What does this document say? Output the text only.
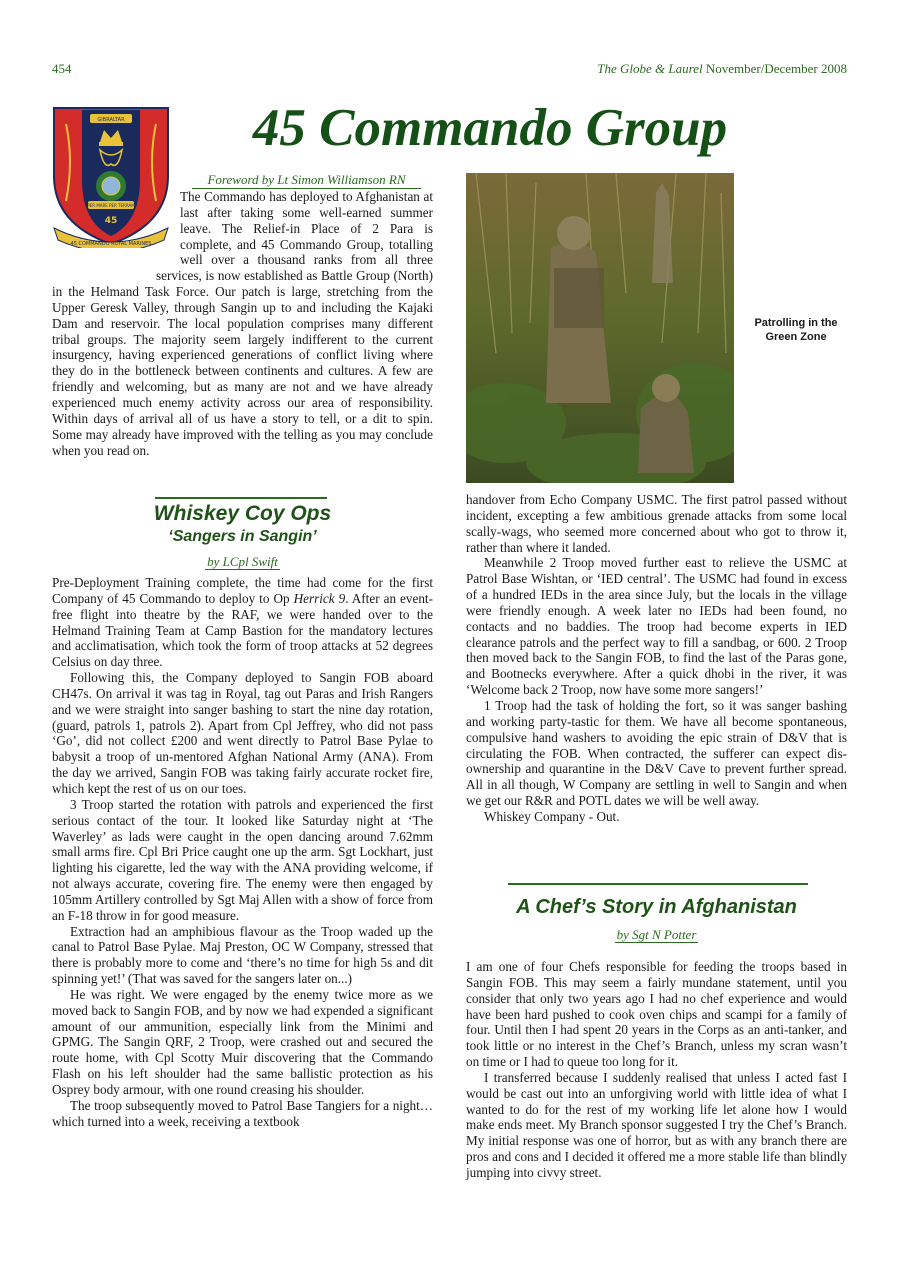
454	The Globe & Laurel November/December 2008
GIBRALTAR
PER MARE PER TERRAM
45
45 COMMANDO ROYAL MARINES
45 Commando Group
Foreword by Lt Simon Williamson RN

The Commando has deployed to Afghanistan at last after taking some well-earned summer leave. The Relief-in Place of 2 Para is complete, and 45 Commando Group, totalling well over a thousand ranks from all three services, is now established as Battle Group (North) in the Helmand Task Force. Our patch is large, stretching from the Upper Geresk Valley, through Sangin up to and including the Kajaki Dam and reservoir. The local population comprises many different tribal groups. The majority seem largely indifferent to the current insurgency, having experienced generations of conflict living where they do in the bottleneck between continents and cultures. A few are friendly and welcoming, but as many are not and we have already experienced much enemy activity across our area of responsibility. Within days of arrival all of us have a story to tell, or a dit to spin. Some may already have improved with the telling as you may conclude when you read on.

Whiskey Coy Ops
‘Sangers in Sangin’
by LCpl Swift

Pre-Deployment Training complete, the time had come for the first Company of 45 Commando to deploy to Op Herrick 9. After an event-free flight into theatre by the RAF, we were handed over to the Helmand Training Team at Camp Bastion for the mandatory lectures and acclimatisation, which took the form of troop attacks at 52 degrees Celsius on day three.

Following this, the Company deployed to Sangin FOB aboard CH47s. On arrival it was tag in Royal, tag out Paras and Irish Rangers and we were straight into sanger bashing to start the nine day rotation, (guard, patrols 1, patrols 2). Apart from Cpl Jeffrey, who did not pass ‘Go’, did not collect £200 and went directly to Patrol Base Pylae to babysit a troop of un-mentored Afghan National Army (ANA). From the day we arrived, Sangin FOB was taking fairly accurate rocket fire, which kept the rest of us on our toes.

3 Troop started the rotation with patrols and experienced the first serious contact of the tour. It looked like Saturday night at ‘The Waverley’ as lads were caught in the open dancing around 7.62mm small arms fire. Cpl Bri Price caught one up the arm. Sgt Lockhart, just lighting his cigarette, led the way with the ANA providing welcome, if not always accurate, covering fire. The enemy were then engaged by 105mm Artillery controlled by Sgt Maj Allen with a show of force from an F-18 throw in for good measure.

Extraction had an amphibious flavour as the Troop waded up the canal to Patrol Base Pylae. Maj Preston, OC W Company, stressed that there is probably more to come and ‘there’s no time for high 5s and dit spinning yet!’ (That was saved for the sangers later on...)

He was right. We were engaged by the enemy twice more as we moved back to Sangin FOB, and by now we had expended a significant amount of our ammunition, especially link from the Minimi and GPMG. The Sangin QRF, 2 Troop, were crashed out and secured the route home, with Cpl Scotty Muir discovering that the Commando Flash on his left shoulder had the same ballistic protection as his Osprey body armour, with one round creasing his shoulder.

The troop subsequently moved to Patrol Base Tangiers for a night… which turned into a week, receiving a textbook

Patrolling in the Green Zone

handover from Echo Company USMC. The first patrol passed without incident, excepting a few ambitious grenade attacks from some local scally-wags, who seemed more concerned about who got to throw it, rather than where it landed.

Meanwhile 2 Troop moved further east to relieve the USMC at Patrol Base Wishtan, or ‘IED central’. The USMC had found in excess of a hundred IEDs in the area since July, but the locals in the village were friendly enough. A week later no IEDs had been found, no contacts and no baddies. The troop had become experts in IED clearance patrols and the perfect way to fill a sandbag, or 600. 2 Troop then moved back to the Sangin FOB, to find the last of the Paras gone, and Bootnecks everywhere. After a quick dhobi in the river, it was ‘Welcome back 2 Troop, now have some more sangers!’

1 Troop had the task of holding the fort, so it was sanger bashing and working party-tastic for them. We have all become spontaneous, compulsive hand washers to avoiding the epic strain of D&V that is circulating the FOB. When contracted, the sufferer can expect dis-ownership and quarantine in the D&V Cave to prevent further spread. All in all though, W Company are settling in well to Sangin and when we get our R&R and POTL dates we will be well away.

Whiskey Company - Out.

A Chef’s Story in Afghanistan
by Sgt N Potter

I am one of four Chefs responsible for feeding the troops based in Sangin FOB. This may seem a fairly mundane statement, until you consider that only two years ago I had no chef experience and would have been hard pushed to cook oven chips and scampi for a family of four. Until then I had spent 20 years in the Corps as an anti-tanker, and took little or no interest in the Chef’s Branch, unless my scran wasn’t on time or I had to queue too long for it.

I transferred because I suddenly realised that unless I acted fast I would be cast out into an unforgiving world with little idea of what I wanted to do for the rest of my working life let alone how I would make ends meet. My Branch sponsor suggested I try the Chef’s Branch. My initial response was one of horror, but as with any branch there are pros and cons and I decided it offered me a more stable life than blindly jumping into civvy street.
